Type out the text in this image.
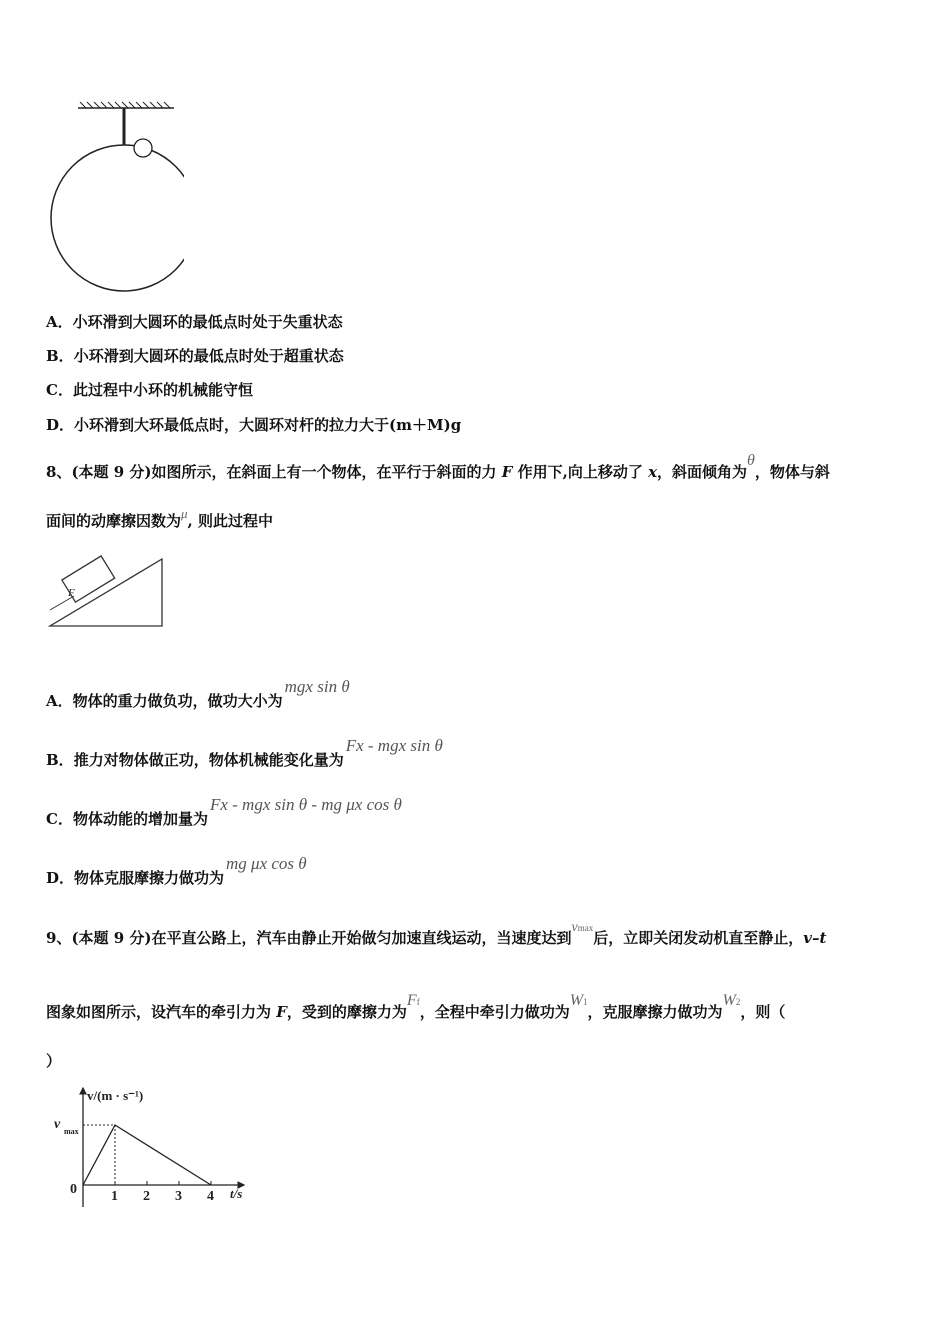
A．小环滑到大圆环的最低点时处于失重状态
B．小环滑到大圆环的最低点时处于超重状态
C．此过程中小环的机械能守恒
D．小环滑到大环最低点时，大圆环对杆的拉力大于(m＋M)g
8、(本题 9 分)如图所示，在斜面上有一个物体，在平行于斜面的力 F 作用下,向上移动了 x，斜面倾角为θ，物体与斜
面间的动摩擦因数为μ, 则此过程中
F
A．物体的重力做负功，做功大小为mgx sin θ
B．推力对物体做正功，物体机械能变化量为Fx - mgx sin θ
C．物体动能的增加量为Fx - mgx sin θ - mg μx cos θ
D．物体克服摩擦力做功为mg μx cos θ
9、(本题 9 分)在平直公路上，汽车由静止开始做匀加速直线运动，当速度达到vmax后，立即关闭发动机直至静止，v–t
图象如图所示，设汽车的牵引力为 F，受到的摩擦力为Ff，全程中牵引力做功为W1，克服摩擦力做功为W2，则（
）
v/(m · s⁻¹)
t/s
v max
0 1 2 3 4
